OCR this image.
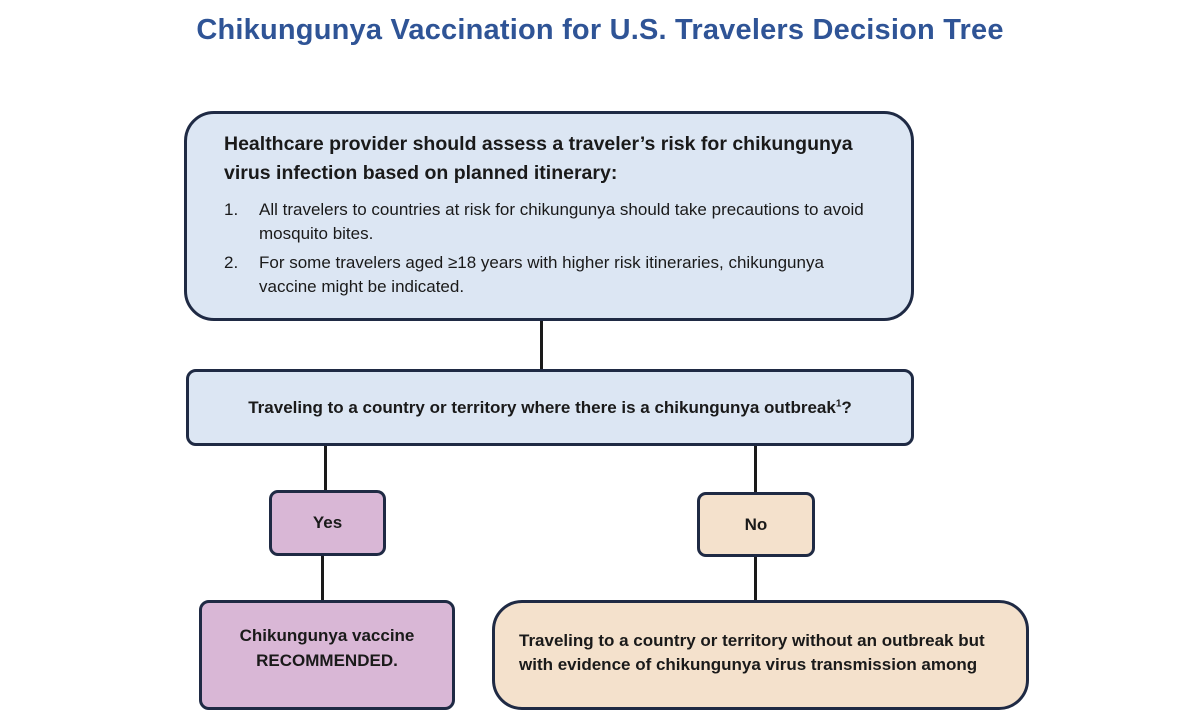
Chikungunya Vaccination for U.S. Travelers Decision Tree
Healthcare provider should assess a traveler’s risk for chikungunya virus infection based on planned itinerary:
1.	All travelers to countries at risk for chikungunya should take precautions to avoid mosquito bites.
2.	For some travelers aged ≥18 years with higher risk itineraries, chikungunya vaccine might be indicated.
Traveling to a country or territory where there is a chikungunya outbreak$^1$?
Yes	No
Chikungunya vaccine
RECOMMENDED.
Traveling to a country or territory without an outbreak but with evidence of chikungunya virus transmission among
